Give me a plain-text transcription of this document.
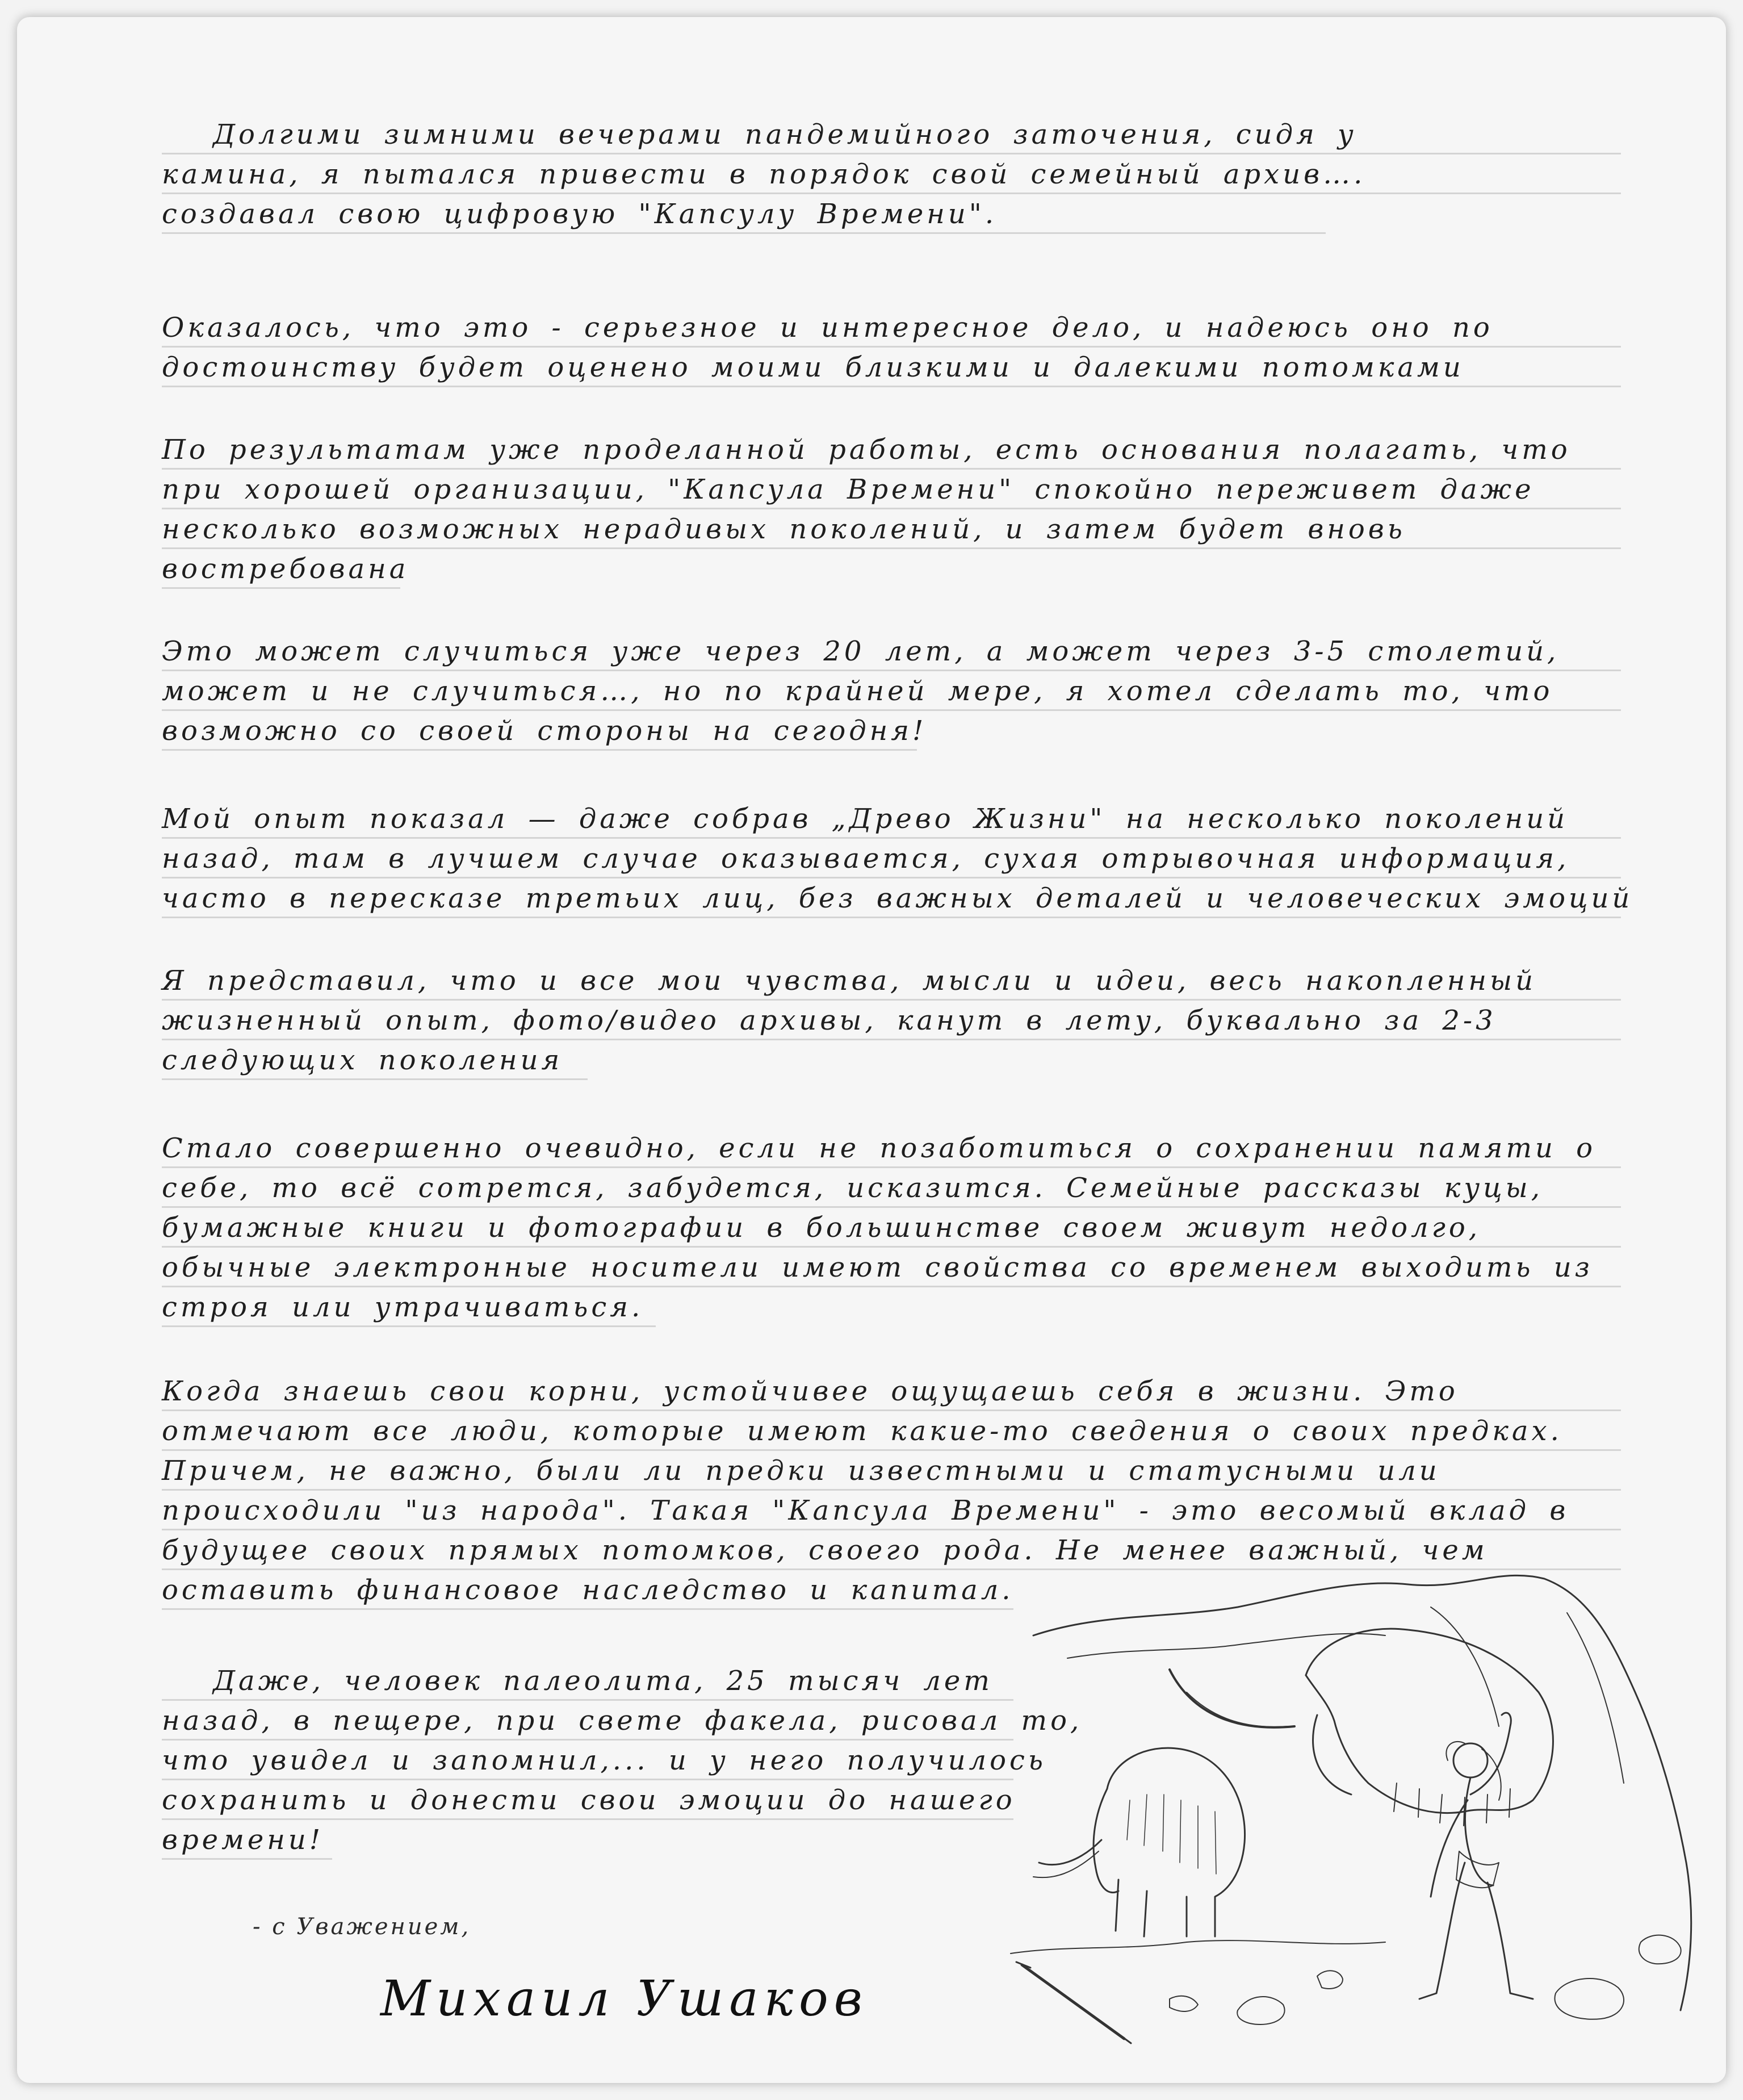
Долгими зимними вечерами пандемийного заточения, сидя у
камина, я пытался привести в порядок свой семейный архив….
создавал свою цифровую "Капсулу Времени".
Оказалось, что это - серьезное и интересное дело, и надеюсь оно по
достоинству будет оценено моими близкими и далекими потомками
По результатам уже проделанной работы, есть основания полагать, что
при хорошей организации, "Капсула Времени" спокойно переживет даже
несколько возможных нерадивых поколений, и затем будет вновь
востребована
Это может случиться уже через 20 лет, а может через 3-5 столетий,
может и не случиться…, но по крайней мере, я хотел сделать то, что
возможно со своей стороны на сегодня!
Мой опыт показал — даже собрав „Древо Жизни" на несколько поколений
назад, там в лучшем случае оказывается, сухая отрывочная информация,
часто в пересказе третьих лиц, без важных деталей и человеческих эмоций
Я представил, что и все мои чувства, мысли и идеи, весь накопленный
жизненный опыт, фото/видео архивы, канут в лету, буквально за 2-3
следующих поколения
Стало совершенно очевидно, если не позаботиться о сохранении памяти о
себе, то всё сотрется, забудется, исказится. Семейные рассказы куцы,
бумажные книги и фотографии в большинстве своем живут недолго,
обычные электронные носители имеют свойства со временем выходить из
строя или утрачиваться.
Когда знаешь свои корни, устойчивее ощущаешь себя в жизни. Это
отмечают все люди, которые имеют какие-то сведения о своих предках.
Причем, не важно, были ли предки известными и статусными или
происходили "из народа". Такая "Капсула Времени" - это весомый вклад в
будущее своих прямых потомков, своего рода. Не менее важный, чем
оставить финансовое наследство и капитал.
Даже, человек палеолита, 25 тысяч лет
назад, в пещере, при свете факела, рисовал то,
что увидел и запомнил,... и у него получилось
сохранить и донести свои эмоции до нашего
времени!
- с Уважением,
Михаил Ушаков
